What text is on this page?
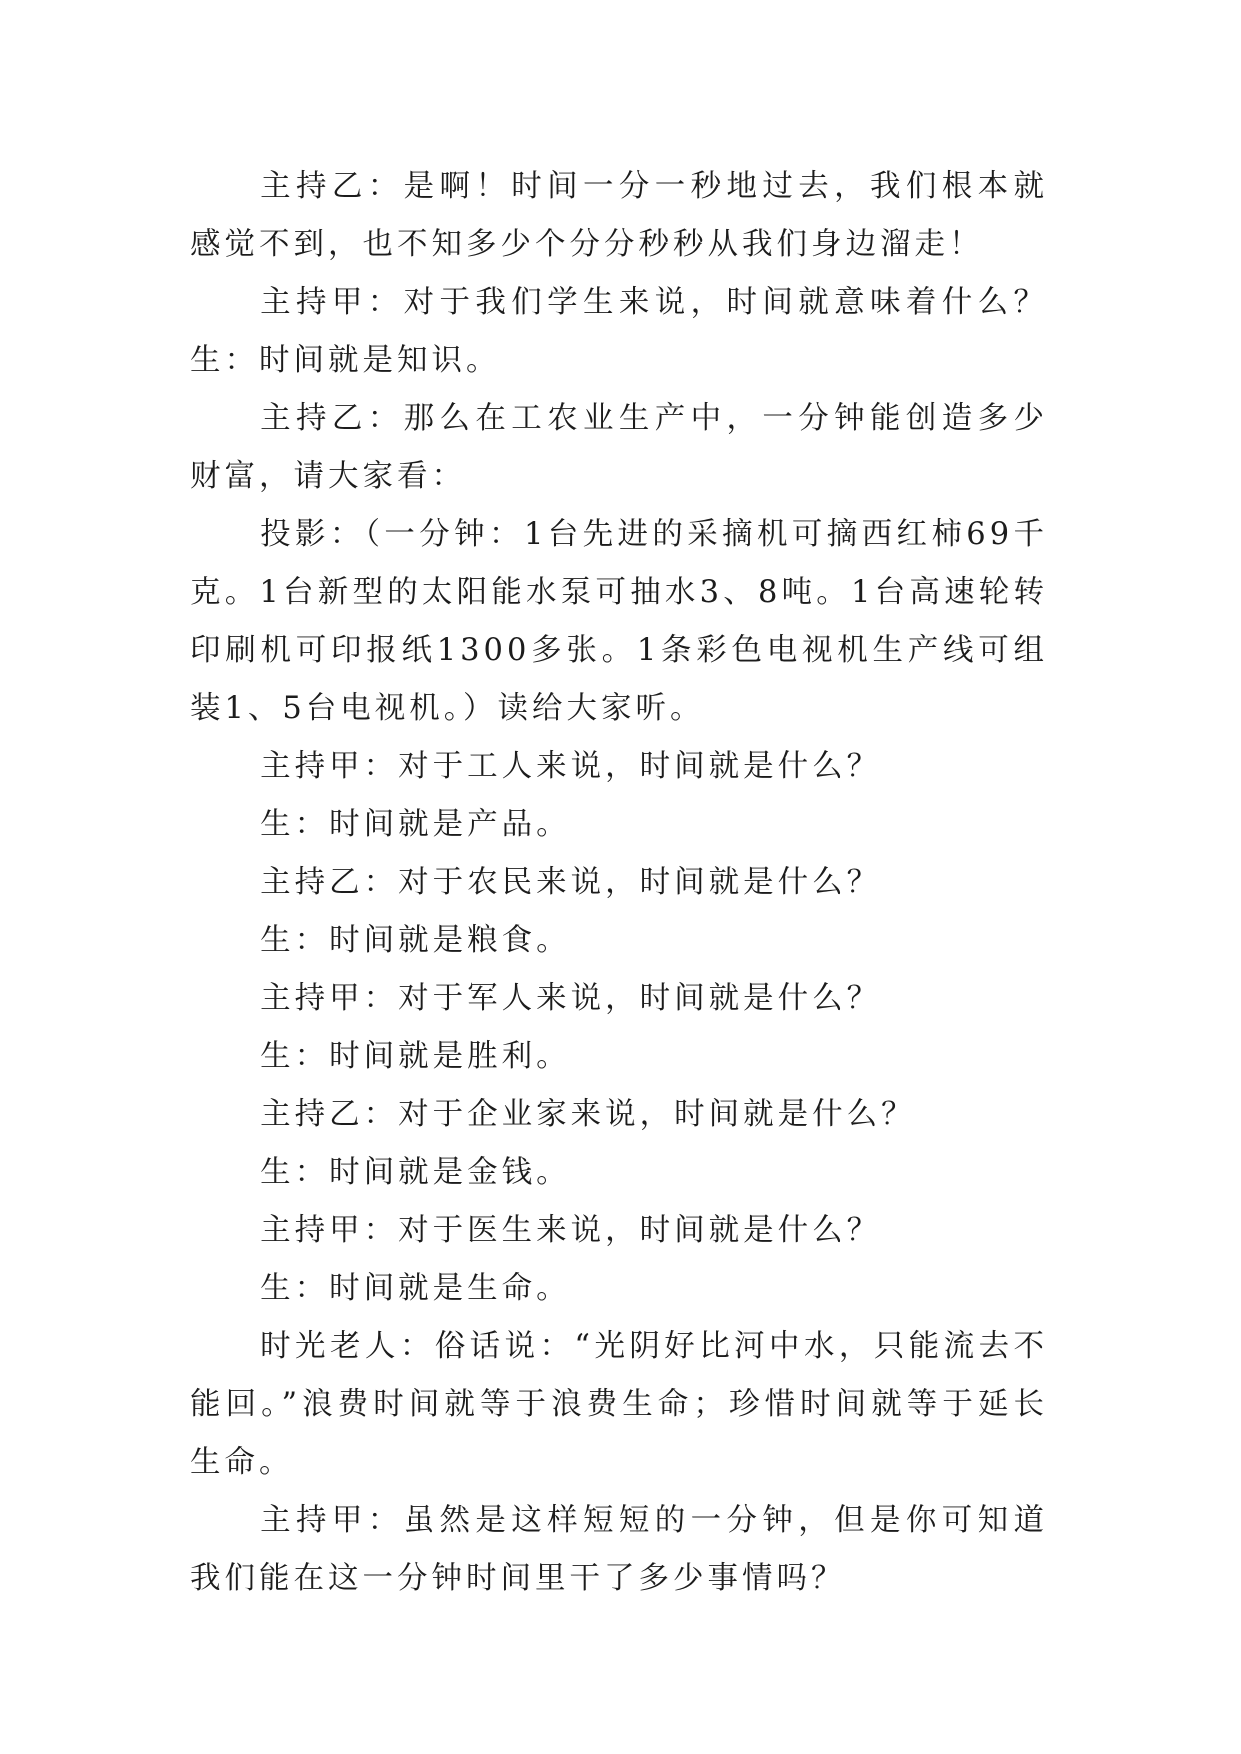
主持乙：是啊！时间一分一秒地过去，我们根本就感觉不到，也不知多少个分分秒秒从我们身边溜走！

主持甲：对于我们学生来说，时间就意味着什么？生：时间就是知识。

主持乙：那么在工农业生产中，一分钟能创造多少财富，请大家看：

投影：（一分钟：1台先进的采摘机可摘西红柿69千克。1台新型的太阳能水泵可抽水3、8吨。1台高速轮转印刷机可印报纸1300多张。1条彩色电视机生产线可组装1、5台电视机。）读给大家听。

主持甲：对于工人来说，时间就是什么？

生：时间就是产品。

主持乙：对于农民来说，时间就是什么？

生：时间就是粮食。

主持甲：对于军人来说，时间就是什么？

生：时间就是胜利。

主持乙：对于企业家来说，时间就是什么？

生：时间就是金钱。

主持甲：对于医生来说，时间就是什么？

生：时间就是生命。

时光老人：俗话说：“光阴好比河中水，只能流去不能回。”浪费时间就等于浪费生命；珍惜时间就等于延长生命。

主持甲：虽然是这样短短的一分钟，但是你可知道我们能在这一分钟时间里干了多少事情吗？
